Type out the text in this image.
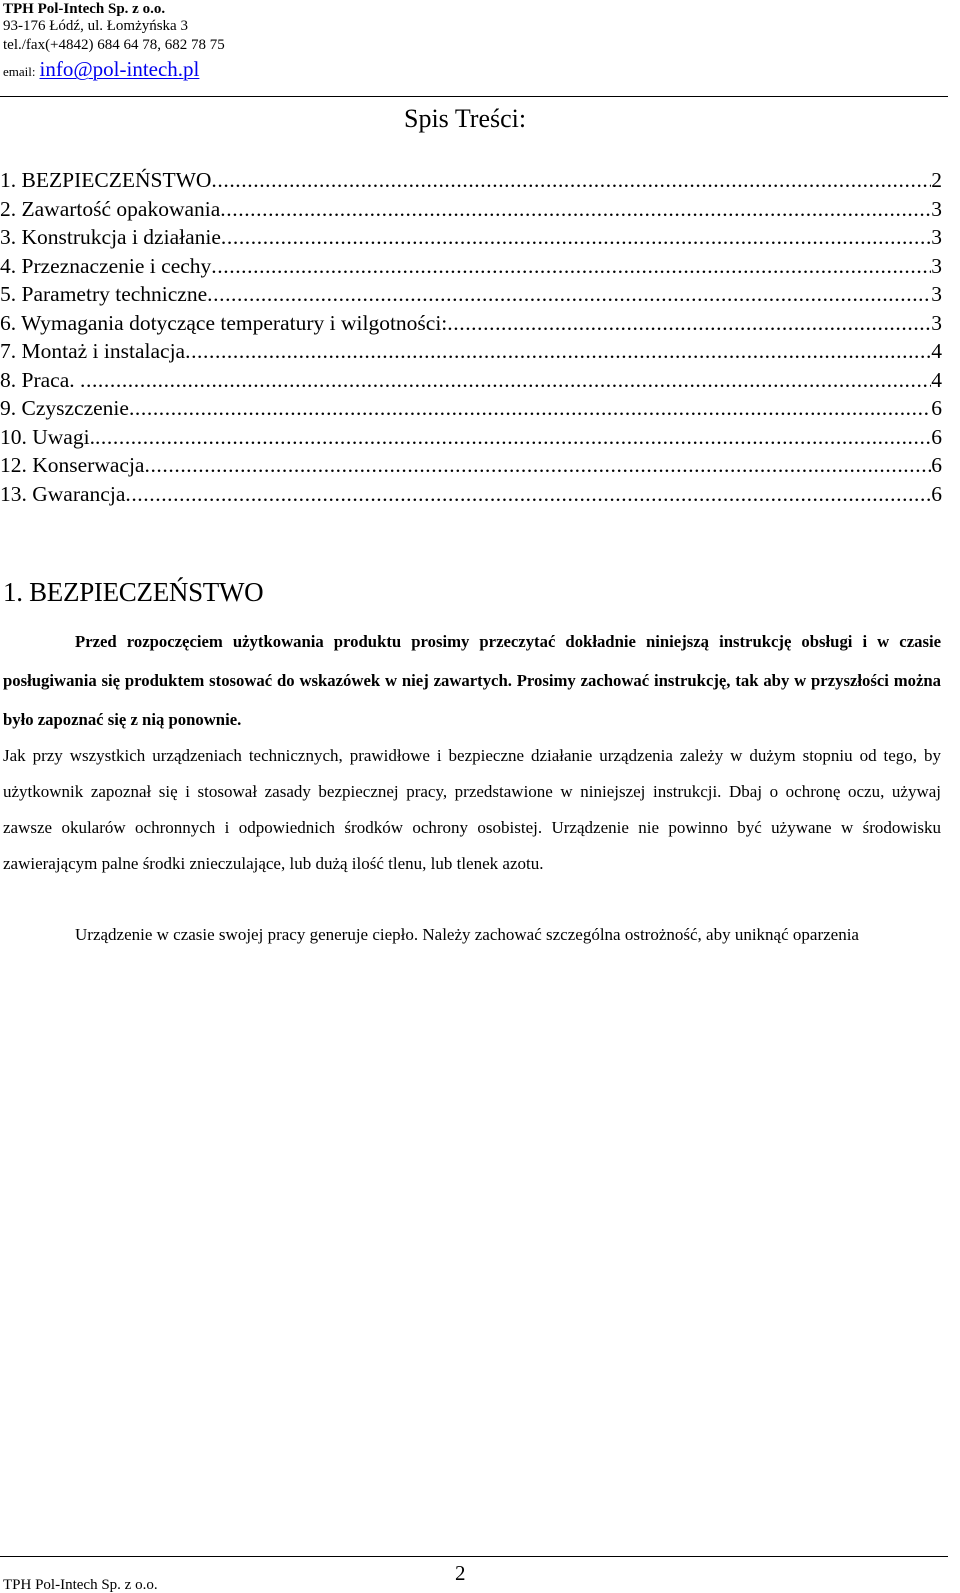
TPH Pol-Intech Sp. z o.o.
93-176 Łódź, ul. Łomżyńska 3
tel./fax(+4842) 684 64 78, 682 78 75
email: info@pol-intech.pl
Spis Treści:
1. BEZPIECZEŃSTWO .....	2
2. Zawartość opakowania .....	3
3. Konstrukcja i działanie .....	3
4. Przeznaczenie i cechy .....	3
5. Parametry techniczne .....	3
6. Wymagania dotyczące temperatury i wilgotności: .....	3
7. Montaż i instalacja .....	4
8. Praca. .....	4
9. Czyszczenie .....	6
10. Uwagi. .....	6
12. Konserwacja .....	6
13. Gwarancja .....	6
1. BEZPIECZEŃSTWO

Przed rozpoczęciem użytkowania produktu prosimy przeczytać dokładnie niniejszą instrukcję obsługi i w czasie posługiwania się produktem stosować do wskazówek w niej zawartych. Prosimy zachować instrukcję, tak aby w przyszłości można było zapoznać się z nią ponownie.

Jak przy wszystkich urządzeniach technicznych, prawidłowe i bezpieczne działanie urządzenia zależy w dużym stopniu od tego, by użytkownik zapoznał się i stosował zasady bezpiecznej pracy, przedstawione w niniejszej instrukcji. Dbaj o ochronę oczu, używaj zawsze okularów ochronnych i odpowiednich środków ochrony osobistej. Urządzenie nie powinno być używane w środowisku zawierającym palne środki znieczulające, lub dużą ilość tlenu, lub tlenek azotu.

Urządzenie w czasie swojej pracy generuje ciepło. Należy zachować szczególna ostrożność, aby uniknąć oparzenia

2
TPH Pol-Intech Sp. z o.o.
